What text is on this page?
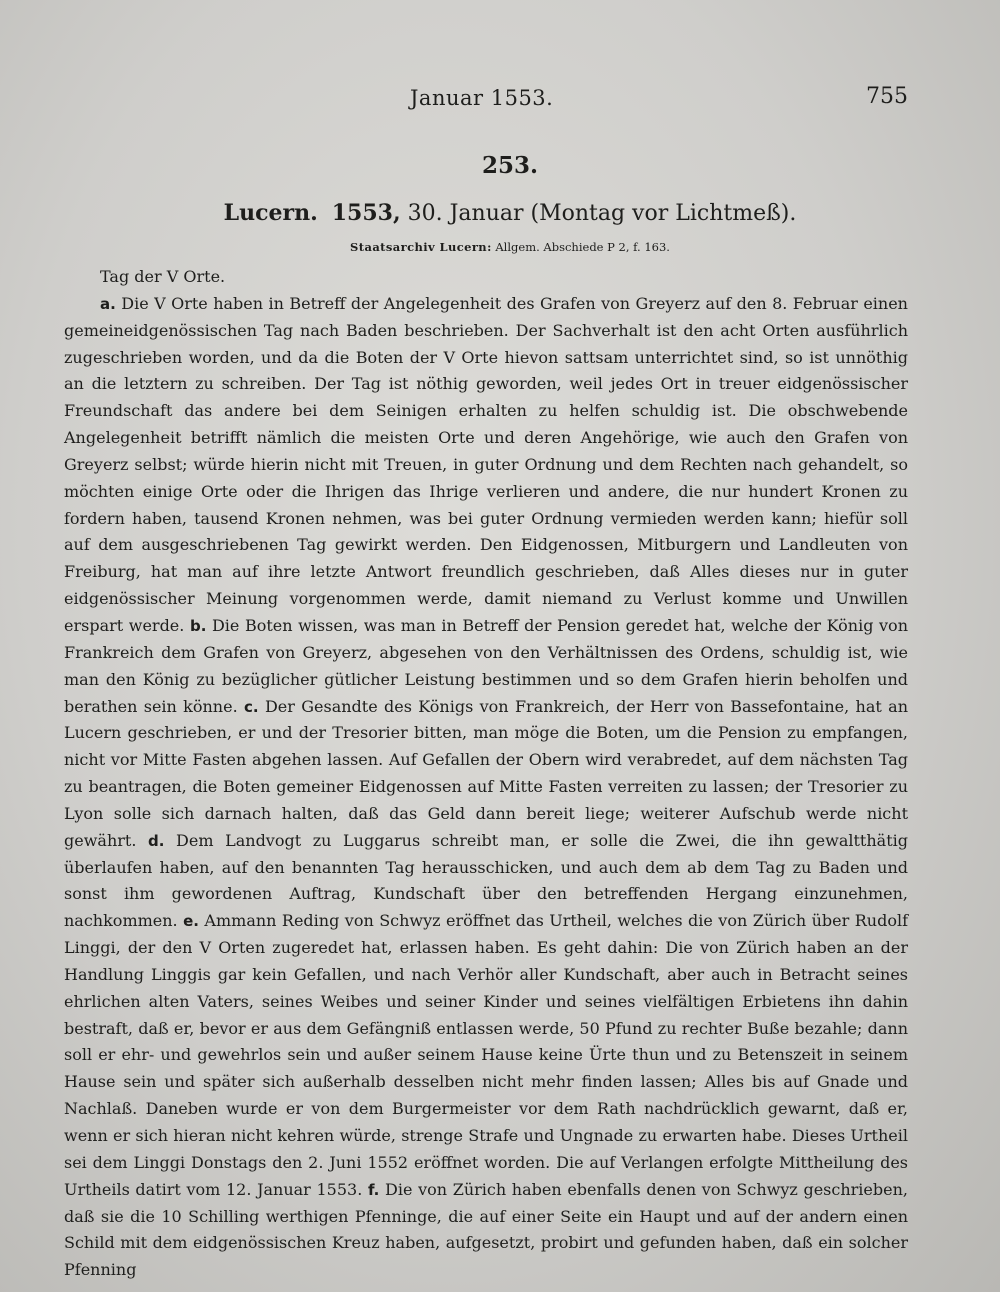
Januar 1553.	755
253.
Lucern. 1553, 30. Januar (Montag vor Lichtmeß).
Staatsarchiv Lucern: Allgem. Abschiede P 2, f. 163.

Tag der V Orte.

a. Die V Orte haben in Betreff der Angelegenheit des Grafen von Greyerz auf den 8. Februar einen gemeineidgenössischen Tag nach Baden beschrieben. Der Sachverhalt ist den acht Orten ausführlich zugeschrieben worden, und da die Boten der V Orte hievon sattsam unterrichtet sind, so ist unnöthig an die letztern zu schreiben. Der Tag ist nöthig geworden, weil jedes Ort in treuer eidgenössischer Freundschaft das andere bei dem Seinigen erhalten zu helfen schuldig ist. Die obschwebende Angelegenheit betrifft nämlich die meisten Orte und deren Angehörige, wie auch den Grafen von Greyerz selbst; würde hierin nicht mit Treuen, in guter Ordnung und dem Rechten nach gehandelt, so möchten einige Orte oder die Ihrigen das Ihrige verlieren und andere, die nur hundert Kronen zu fordern haben, tausend Kronen nehmen, was bei guter Ordnung vermieden werden kann; hiefür soll auf dem ausgeschriebenen Tag gewirkt werden. Den Eidgenossen, Mitburgern und Landleuten von Freiburg, hat man auf ihre letzte Antwort freundlich geschrieben, daß Alles dieses nur in guter eidgenössischer Meinung vorgenommen werde, damit niemand zu Verlust komme und Unwillen erspart werde. b. Die Boten wissen, was man in Betreff der Pension geredet hat, welche der König von Frankreich dem Grafen von Greyerz, abgesehen von den Verhältnissen des Ordens, schuldig ist, wie man den König zu bezüglicher gütlicher Leistung bestimmen und so dem Grafen hierin beholfen und berathen sein könne. c. Der Gesandte des Königs von Frankreich, der Herr von Bassefontaine, hat an Lucern geschrieben, er und der Tresorier bitten, man möge die Boten, um die Pension zu empfangen, nicht vor Mitte Fasten abgehen lassen. Auf Gefallen der Obern wird verabredet, auf dem nächsten Tag zu beantragen, die Boten gemeiner Eidgenossen auf Mitte Fasten verreiten zu lassen; der Tresorier zu Lyon solle sich darnach halten, daß das Geld dann bereit liege; weiterer Aufschub werde nicht gewährt. d. Dem Landvogt zu Luggarus schreibt man, er solle die Zwei, die ihn gewaltthätig überlaufen haben, auf den benannten Tag herausschicken, und auch dem ab dem Tag zu Baden und sonst ihm gewordenen Auftrag, Kundschaft über den betreffenden Hergang einzunehmen, nachkommen. e. Ammann Reding von Schwyz eröffnet das Urtheil, welches die von Zürich über Rudolf Linggi, der den V Orten zugeredet hat, erlassen haben. Es geht dahin: Die von Zürich haben an der Handlung Linggis gar kein Gefallen, und nach Verhör aller Kundschaft, aber auch in Betracht seines ehrlichen alten Vaters, seines Weibes und seiner Kinder und seines vielfältigen Erbietens ihn dahin bestraft, daß er, bevor er aus dem Gefängniß entlassen werde, 50 Pfund zu rechter Buße bezahle; dann soll er ehr- und gewehrlos sein und außer seinem Hause keine Ürte thun und zu Betenszeit in seinem Hause sein und später sich außerhalb desselben nicht mehr finden lassen; Alles bis auf Gnade und Nachlaß. Daneben wurde er von dem Burgermeister vor dem Rath nachdrücklich gewarnt, daß er, wenn er sich hieran nicht kehren würde, strenge Strafe und Ungnade zu erwarten habe. Dieses Urtheil sei dem Linggi Donstags den 2. Juni 1552 eröffnet worden. Die auf Verlangen erfolgte Mittheilung des Urtheils datirt vom 12. Januar 1553. f. Die von Zürich haben ebenfalls denen von Schwyz geschrieben, daß sie die 10 Schilling werthigen Pfenninge, die auf einer Seite ein Haupt und auf der andern einen Schild mit dem eidgenössischen Kreuz haben, aufgesetzt, probirt und gefunden haben, daß ein solcher Pfenning
